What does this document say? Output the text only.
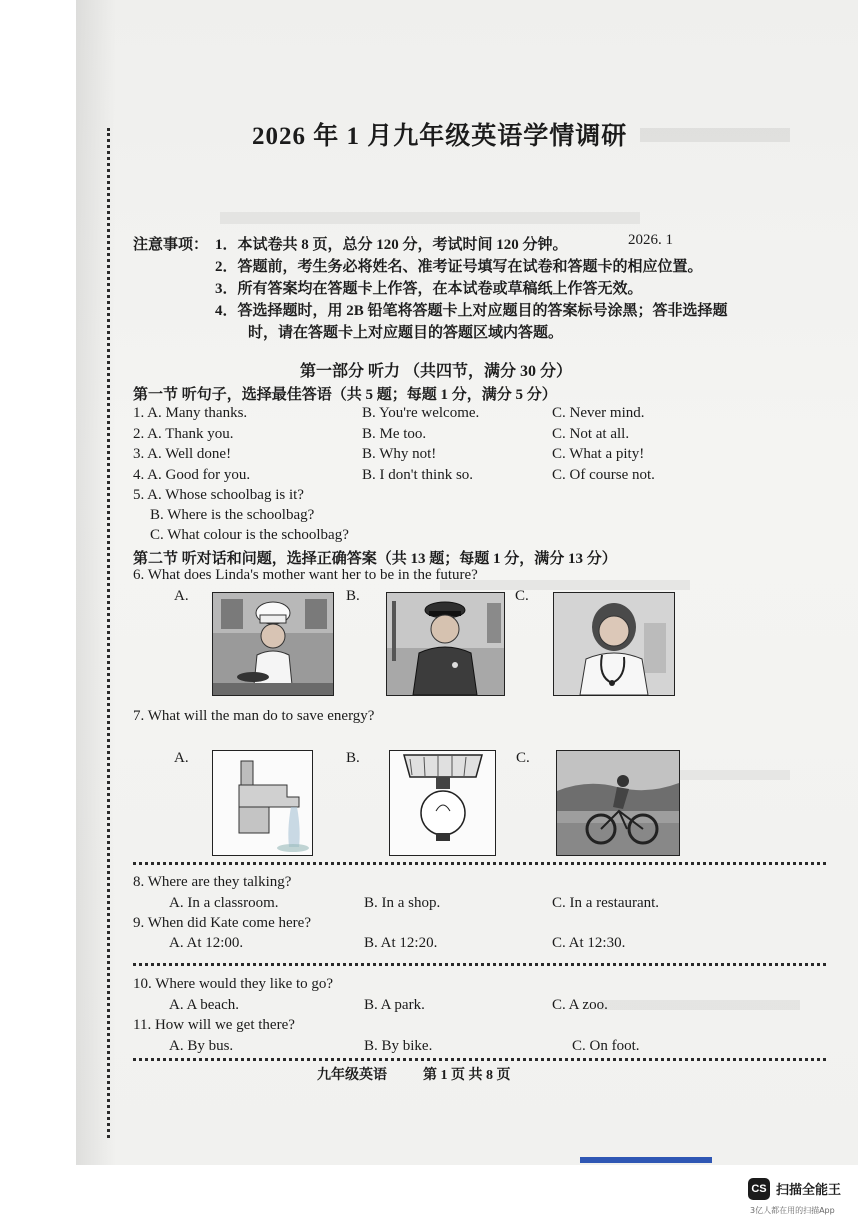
2026 年 1 月九年级英语学情调研
2026. 1
注意事项： 1．本试卷共 8 页，总分 120 分，考试时间 120 分钟。
2．答题前，考生务必将姓名、准考证号填写在试卷和答题卡的相应位置。
3．所有答案均在答题卡上作答，在本试卷或草稿纸上作答无效。
4．答选择题时，用 2B 铅笔将答题卡上对应题目的答案标号涂黑；答非选择题
时，请在答题卡上对应题目的答题区域内答题。
第一部分 听力 （共四节，满分 30 分）
第一节 听句子，选择最佳答语（共 5 题；每题 1 分，满分 5 分）
1. A. Many thanks.	B. You're welcome.	C. Never mind.
2. A. Thank you.	B. Me too.	C. Not at all.
3. A. Well done!	B. Why not!	C. What a pity!
4. A. Good for you.	B. I don't think so.	C. Of course not.
5. A. Whose schoolbag is it?
B. Where is the schoolbag?
C. What colour is the schoolbag?
第二节 听对话和问题，选择正确答案（共 13 题；每题 1 分，满分 13 分）
6. What does Linda's mother want her to be in the future?
A.	B.	C.
7. What will the man do to save energy?
A.	B.	C.
8. Where are they talking?
A. In a classroom.	B. In a shop.	C. In a restaurant.
9. When did Kate come here?
A. At 12:00.	B. At 12:20.	C. At 12:30.
10. Where would they like to go?
A. A beach.	B. A park.	C. A zoo.
11. How will we get there?
A. By bus.	B. By bike.	C. On foot.
九年级英语	第 1 页 共 8 页
CS 扫描全能王
3亿人都在用的扫描App
